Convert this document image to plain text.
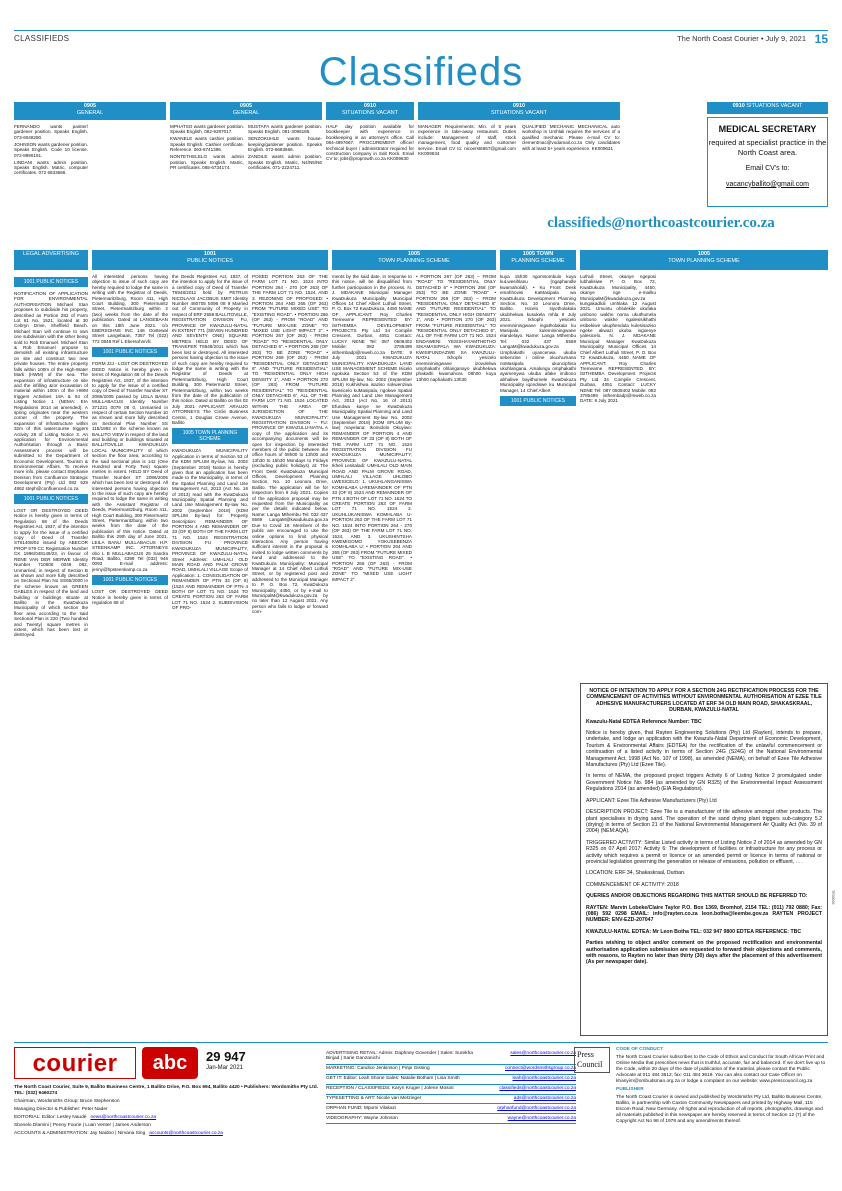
CLASSIFIEDS	The North Coast Courier • July 9, 2021 15
Classifieds
0905
GENERAL
0905
GENERAL
0910
SITUATIONS VACANT
0910
SITUATIONS VACANT
0910 SITUATIONS VACANT

FERNANDO wants painter/ gardener position. Speaks English. 073-6048290.

JOHNSON wants gardener position. Speaks English. Code 10 license. 072-8996161.

LINDANI wants admin position. Speaks English. Matric, computer certificates. 072 6633666.

MPHATSO wants gardener position. Speaks English. 082-9287017.

KWANELE wants cashier position. Speaks English. Cashier certificate. Reference. 063-6741396.

NONTETHELELO wants admin position. Speaks English. Matric, PR certificates. 065-6734174.

MUSTAFA wants gardener position. Speaks English. 081-3096185.

SENZOKUHLE wants house-keeping/gardener position. Speaks English. 072-6683666.

ZANDILE wants admin position. Speaks English. Matric, N4/N5/N6 certificates. 071-2224711.

HALF day position available for bookkeeper with experience in bookkeeping in an attorney's office. Call 084-4997667. PROCUREMENT officer/ technical buyer / administrator required for construction company in Salt Rock. Email CV to: jobs@proprowth.co.za KK009630

MANAGER Requirements: Min. of 5 years experience in take-away restaurant. Duties include: Management of staff, stock management, food quality and customer service. Email CV to: nicoerst6657@gmail.com KK009634

QUALIFIED MECHANIC MECHANICAL auto workshop in Umhlali requires the services of a qualified mechanic. Please e-mail CV to: clementmac@vodamail.co.za Only candidates with at least 5+ years experience. KK009631

MEDICAL SECRETARY
required at specialist practice in the North Coast area.
Email CV's to:
vacancyballito@gmail.com
classifieds@northcoastcourier.co.za
LEGAL ADVERTISING	1001
PUBLIC NOTICES
1005
TOWN PLANNING SCHEME
1005 TOWN
PLANNING SCHEME
1005
TOWN PLANNING SCHEME
1001 PUBLIC NOTICES

NOTIFICATION OF APPLICATION FOR ENVIRONMENTAL AUTHORISATION Michael Stan proposes to subdivide his property, described as Portion 282 of Farm Lot 61 No. 1521, located at 30 Cebryn Drive, Sheffield Beach. Michael Stan will continue to own one subdivision with the other being sold to Rob Emanuel. Michael Stan & Rob Emanuel propose to demolish all existing infrastructure on site and construct two new private houses. The entire property falls within 100m of the High-Water Mark (HWM) of the sea. The expansion of infrastructure on site and the infilling &/or excavation of material within 100m of the HWM triggers Activities 19A & 54 of Listing Notice 1 (NEMA: EIA Regulations 2014 as amended). A spring originates near the western corner of the property. The expansion of infrastructure within 32m of this watercourse triggers Activity 28 of Listing Notice 3. An application for Environmental Authorisation through a Basic Assessment process will be submitted to the Department of Economic Development, Tourism & Environmental Affairs. To receive more info, please contact Stephanie Denison from Confluence Strategic Development (Pty) Ltd 082 529 4862 steph@confluenced.co.za

1001 PUBLIC NOTICES

LOST OR DESTROYED DEED Notice is hereby given in terms of Regulation 68 of the Deeds Registries Act, 1937, of the intention to apply for the issue of a certified copy of Deed of Transfer ST61408/02 issued by ABECOR PROP 579 CC Registration Number CK 1996/048149/23, in favour of RENE VAN DER MERWE Identity Number 710606 0049 082, Unmarried, in respect of Section B as shown and more fully described on Sectional Plan No SS65/2000 in the scheme known as GREEN GABLES in respect of the land and building or buildings situate at Ballito in the KwaDukuza Municipality of which section the floor area according to the said Sectional Plan is 220 (Two hundred and Twenty) square metres in extent, which has been lost or destroyed.

All interested persons having objection to issue of such copy are hereby required to lodge the same in writing with the Registrar of Deeds, Pietermaritzburg, Room 411, High Court Building, 300 Pietermaritz Street, Pietermaritzburg within 2 (two) weeks from the date of the publication. Dated at LANGEBAAN on this 18th June 2021. c/o EBERSOHNS INC 146 Oostewal Street Langebaan, 7357 Tel (022) 772 0848 Ref L Ebersohn/vfc

1001 PUBLIC NOTICES

FORM J2J - LOST OR DESTROYED DEED Notice is hereby given in terms of Regulation 68 of the Deeds Registries Act, 1937, of the intention to apply for the issue of a certified copy of Deed of Transfer Number ST 2086/2005 passed by LEILA BANU MULLABACUS Identity Number 371221 0079 08 0, Unmarried in respect of certain Section Number 10 as shown and more fully described on Sectional Plan Number SS 115/1992 in the scheme known as BALLITO VIEW in respect of the land and building or buildings situated at BALLITOVILLE KWADUKUZA LOCAL MUNICIPALITY of which section the floor area, according to the said sectional plan is 142 (One Hundred and Forty Two) square metres in extent. HELD BY Deed of Transfer Number ST 2086/2005 which has been lost or destroyed. All interested persons having objection to the issue of such copy are hereby required to lodge the same in writing with the Assistant Registrar of Deeds, Pietermaritzburg, Room 411, High Court Building, 300 Pietermaritz Street, Pietermaritzburg within two weeks from the date of the publication of this notice. Dated at Ballito this 29th day of June 2021. LEILA BANU MULLABACUS H.P. STEENKAMP INC. ATTORNEYS obo L B MULLABACUS 25 Sandra Road, Ballito, 4399 Tel (032) 946 0093 E-mail address: jenny@hpsteenkamp.co.za

1001 PUBLIC NOTICES

LOST OR DESTROYED DEED Notice is hereby given in terms of regulation 68 of

the Deeds Registries Act, 1937, of the intention to apply for the issue of a certified copy of Deed of Transfer T6948/2011 held by PETRUS NICOLAAS JACOBUS SMIT Identity Number 460705 5096 08 9 Married out of Community of Property in respect of ERF 2558 BALLITOVILLE, REGISTRATION DIVISION FU, PROVINCE OF KWAZULU-NATAL IN EXTENT 771 (SEVEN HUNDRED AND SEVENTY ONE) SQUARE METRES HELD BY DEED OF TRANSFER T6948/2011 which has been lost or destroyed. All interested persons having objection to the issue of such copy are hereby required to lodge the same in writing with the Registrar of Deeds at Pietermaritzburg, High Court Building, 300 Pietermaritz Street, Pietermaritzburg, within two weeks from the date of the publication of this notice. Dated at Ballito on this 02 July 2021 APPLICANT: ARAUJO ATTORNEYS The Circle Business Centre, 1 Douglas Crowe Avenue, Ballito

1005 TOWN PLANNING SCHEME

KWADUKUZA MUNICIPALITY Application in terms of Section 53 of the KDM SPLUM By-law, No. 2002 (September 2018) Notice is hereby given that an application has been made to the Municipality, in terms of the Spatial Planning and Land Use Management Act, 2013 (Act No. 16 of 2013) read with the KwaDukuza Municipality Spatial Planning and Land Use Management By-law No. 2002 (September 2018) (KDM SPLUM By-law) for: Property Description: REMAINDER OF PORTION 4 AND REMAINDER OF 33 (OF 8) BOTH OF THE FARM LOT 71 NO. 1524 REGISTRATION DIVISION FU PROVINCE KWADUKUZA MUNICIPALITY, PROVINCE OF KWAZULU-NATAL Street Address: UMHLALI OLD MAIN ROAD AND PALM GROVE ROAD, UMHLALI VILLAGE Scope of Application: 1. CONSOLIDATION OF REMAINDER OF PTN 33 (OF 8) (1524 AND REMAINDER OF PTN 4 BOTH OF LOT 71 NO. 1524 TO CREATE PORTION 263 OF FARM LOT 71 NO. 1524 2. SUBDIVISION OF PRO-

POSED PORTION 263 OF THE FARM LOT 71 NO. 1524 INTO PORTION 264 - 270 (OF 263) OF THE FARM LOT 71 NO. 1524, AND 3. REZONING OF PROPOSED: • PORTION 264 AND 265 (OF 263) FROM "FUTURE MIXED USE" TO "EXISTING ROAD". • PORTION 266 (OF 263) - FROM "ROAD" AND "FUTURE MIX-USE ZONE" TO "MIXED USE LIGHT IMPACT 2". • PORTION 267 (OF 263) - FROM "ROAD" TO "RESIDENTIAL ONLY DETACHED 6". • PORTION 268 (OF 263) TO BE ZONE "ROAD" • PORTION 269 (OF 263) - FROM "RESIDENTIAL ONLY DETACHED 6" AND "FUTURE RESIDENTIAL" TO "RESIDENTIAL ONLY HIGH DENSITY 1", AND • PORTION 270 (OF 263) FROM "FUTURE RESIDENTIAL" TO "RESIDENTIAL ONLY DETACHED 6", ALL OF THE FARM LOT 71 NO. 1524 LOCATED WITHIN THE AREA OF JURISDICTION OF THE KWADUKUZA MUNICIPALITY: REGISTRATION DIVISION – FU: PROVINCE OF KWAZULU-NATAL A copy of the application and its accompanying documents will be open for inspection by interested members of the public between the office hours of 08h00 to 13h00 and 13h30 to 15h30 Mondays to Fridays (excluding public holidays) at: The Front Desk KwaDukuza Municipal Offices, Development Planning Section, No. 10 Leonora Drive, Ballito. The application will be for inspection from 9 July 2021. Copies of the application proposal may be requested from the Municipality as per the details indicated below. Name: Langa Mthembu Tel: 032 437 5569 LangaM@kwadukuza.gov.za Due to Covid 19: Members of the public are encouraged to use the online options to limit physical interaction. Any person having sufficient interest in the proposal is invited to lodge written comments by hand and addressed to the KwaDukuza Municipality: Municipal Manager at 14 Chief Albert Luthuli Street, or by registered post and addressed to the Municipal Manager to P. O. Box 72, KwaDukuza Municipality, 4450, or by e-mail to MunicipalM@kwadukuza.gov.za by no later than 12 August 2021. Any person who fails to lodge or forward com-

ments by the said date, in response to this notice, will be disqualified from further participation in the process. N. J. MDAKANE Municipal Manager KwaDukuza Municipality Municipal Offices 14 Chief Albert Luthuli Street, P. O. Box 72 KwaDukuza, 4450 NAME OF APPLICANT: Roy Charles Tremearne REPRESENTED BY: iSITHEMBA DEVELOPMENT PROJECTS Pty Ltd 34 Compile Crescent, Durban, 4051 Contact: LUCKY NENE Tel: 087 0508402 Mobile: 082 3785499 isthembadp@mweb.co.za DATE: 9 July 2021 KWADUKUZA MUNICIPALITY KWADUKUZA LAND USE MANAGEMENT SCHEME Isicelo ngokuka Section 53 of the KDM SPLUM By-law, No. 2002 (September 2018) Kukhishwa isaziso sokwenziwa kwesicelo kuMasipala, ngokwe Spatial Planning and Land Use Management Act, 2013 (Act No. 16 of 2013) Efundwa kanye ne KwaDukuza Municipality Spatial Planning and Land Use Management By-law No. 2002 (September 2018) (KDM SPLUM By-law) mayelana: Ikomidolo Okuyiwo: REMAINDER OF PORTION 4 AND REMAINDER OF 33 (OF 8) BOTH OF THE FARM LOT 71 NO. 1524 REGISTRATION DIVISION FU KWADUKUZA MUNICIPALITY, PROVINCE OF KWAZULU-NATAL Ikheli Lesitaladi: UMHLALI OLD MAIN ROAD AND PALM GROVE ROAD, UMHLALI VILLAGE UHLOBO LWESICELO: 1. UKUHLANGANISWA KOMHLABA U-REMAINDER OF PTN 33 (OF 8) 1524 AND REMAINDER OF PTN 4 BOTH OF LOT 71 NO. 1524 TO CREATE PORTION 263 OF FARM LOT 71 NO. 1524 2. UKUHLUKANISWA KOMHLABA U-PORTION 263 OF THE FARM LOT 71 NO. 1524 INTO PORTION 264 - 270 (OF 263) OF THE FARM LOT 71 NO. 1524, AND 3. UKUSHINTSHA KWEMIGOMO YOKUSEBENZA KOMHLABA U: • PORTION 264 AND 265 (OF 263) FROM "FUTURE MIXED USE" TO "EXISTING ROAD". • PORTION 266 (OF 263) - FROM "ROAD" AND "FUTURE MIX-USE ZONE" TO "MIXED USE LIGHT IMPACT 2".

• PORTION 267 (OF 263) – FROM "ROAD" TO "RESIDENTIAL ONLY DETACHED 6" • PORTION 268 (OF 263) TO BE ZONE "ROAD" • PORTION 269 (OF 263) – FROM "RESIDENTIAL ONLY DETACHED 6" AND "FUTURE RESIDENTIAL" TO "RESIDENTIAL ONLY HIGH DENSITY 1", AND • PORTION 270 (OF 263) FROM "FUTURE RESIDENTIAL" TO "RESIDENTIAL ONLY DETACHED 6", ALL OF THE FARM LOT 71 NO. 1524 ENDAWENI YESISHAYAMTHETHO SIKAMASIPALA WA KWADUKUZA: KWISIFUNDAZWE SA KWAZULU-NATAL Ikhophi yesicelo enemininingwane izovulelwa umphakathi ohlanganayo ukubhekwa phakathi kwamahora 08h00 kuya 13h00 naphakathi 13h30

kuya 15h30 ngomsombulo kuya kuLwesihlanu (ngaphandle kwamaholidi). • Ku Front Desk emahhovisi KaMasipala wa KwaDukuza Development Planning Section, No. 10 Leonora Drive, Ballito. Isicelo siyotholakala ukubhekwa kusukela mhla 9 July 2021. Ikhophi yesicelo enemininingwane ingatholakala ku Masipala kulemininingwane elandelayo. Name: Langa Mthembu Tel: 032 437 5569 LangaM@kwadukuza.gov.za Umphakathi uyancenwa ukuba sebenzise i online okuxhumana noMasipala ukunciphisa ukuhlangana. Amalungu omphakathi ayamenywa ukuba afake imibono abhaliwe bayithumele KwaDukuza Municipality iqondiswe ku Municipal Manager, 14 Chief Albert

1001 PUBLIC NOTICES

Luthuli Street, okanye ngeposi lubhalisiwe P. O. Box 72, KwaDukuza Municipality, 4450, okanye nge e-mailku MunicipalM@kwadukuza.gov.za kungakadluli umhlaka 12 August 2021. Umuntu ohlulekile ukufaka umbono wakhe noma ukuthumela umbono wakhe ngalesisikhathi esibekiwe ukuphendula kulesisaziso ngeke akwazi ukuba ingxenye yalesicelo. N. J. MDAKANE Municipal Manager KwaDukuza Municipality Municipal Offices 14 Chief Albert Luthuli Street, P. O. Box 72 KwaDukuza, 4450 NAME OF APPLICANT: Roy Charles Tremearne REPRESENTED BY: iSITHEMBA Development Projects Pty Ltd 34 Compile Crescent, Durban, 4051 Contact: LUCKY NENE Tel: 087 0508402 Mobile: 082 3785499 isthembadp@mweb.co.za DATE: 9 July 2021

NOTICE OF INTENTION TO APPLY FOR A SECTION 24G RECTIFICATION PROCESS FOR THE COMMENCEMENT OF ACTIVITIES WITHOUT ENVIRONMENTAL AUTHORISATION AT EZEE TILE ADHESIVE MANUFACTURERS LOCATED AT ERF 34 OLD MAIN ROAD, SHAKASKRAAL, DURBAN, KWAZULU-NATAL

Kwazulu-Natal EDTEA Reference Number: TBC

Notice is hereby given, that Rayten Engineering Solutions (Pty) Ltd (Rayten), intends to prepare, undertake, and lodge an application with the Kwazulu-Natal Department of Economic Development, Tourism & Environmental Affairs (EDTEA) for the rectification of the unlawful commencement or continuation of a listed activity in terms of Section 24G (S24G) of the National Environmental Management Act, 1998 (Act No. 107 of 1998), as amended (NEMA), on behalf of Ezee Tile Adhesive Manufactures (Pty) Ltd (Ezee Tile).

In terms of NEMA, the proposed project triggers Activity 6 of Listing Notice 2 promulgated under Government Notice No. 984 (as amended by GN R325) of the Environmental Impact Assessment Regulations 2014 (as amended) (EIA Regulations).

APPLICANT: Ezee Tile Adhesive Manufacturers (Pty) Ltd

DESCRIPTION PROJECT: Ezee Tile is a manufacturer of tile adhesive amongst other products. The plant specialises in drying sand. The operation of the sand drying plant triggers sub-category 5.2 (drying) in terms of Section 21 of the National Environmental Management Air Quality Act (No. 39 of 2004) (NEM:AQA).

TRIGGERED ACTIVITY: Similar Listed activity in terms of Listing Notice 2 of 2014 as amended by GN R325 on 07 April 2017: Activity 6: The development of facilities or infrastructure for any process or activity which requires a permit or licence or an amended permit or licence in terms of national or provincial legislation governing the generation or release of emissions, pollution or effluent, . . .

LOCATION: ERF 34, Shakaskraal, Durban.

COMMENCEMENT OF ACTIVITY: 2018

QUERIES AND/OR OBJECTIONS REGARDING THIS MATTER SHOULD BE REFERRED TO:

RAYTEN: Marvin Lobeke/Claire Taylor P.O. Box 1369, Bromhof, 2154 TEL: (011) 792 0880; Fax: (086) 592 0298 EMAIL: info@rayten.co.za leon.botha@leembe.gov.za RAYTEN PROJECT NUMBER: ENV-EZD-207047

KWAZULU-NATAL EDTEA: Mr Leon Botha TEL: 032 947 9800 EDTEA REFERENCE: TBC

Parties wishing to object and/or comment on the proposed rectification and environmental authorisation application submission are requested to forward their objections and comments, with reasons, to Rayten no later than thirty (30) days after the placement of this advertisement (As per newspaper date).

TR00036
courier	abc	29 947
Jan-Mar 2021

The North Coast Courier, Suite 9, Ballito Business Centre, 1 Ballito Drive, P.O. Box 694, Ballito 4420 • Publishers: Wordsmiths Pty Ltd. TEL: (032) 9460274

Chairman, Wordsmiths Group: Bruce Stephenson

Managing Director & Publisher: Peter Nader

EDITORIAL: Editor: Lesley Naudé news@northcoastcourier.co.za

Sbonelo Dlamini | Penny Fourie | Luan Venter | James Anderson

ACCOUNTS & ADMINISTRATION: Jay Naidoo | Nirvana Sing accounts@northcoastcourier.co.za

ADVERTISING RETAIL: Admin: Daphney Govender | Sales: Surekha Binjad | Sarie Ganzanichi
sales@northcoastcourier.co.za
MARKETING: Candice Jenkinson | Pinpi Gissing	connect@wordsmithsgroup.co.za
GET IT: Editor: Leah Shone Sales: Natalie Botham | Lisa Smith	leah@northcoastcourier.co.za
RECEPTION / CLASSIFIEDS: Karyn Kruger | Jolene Mosoti	classifieds@northcoastcourier.co.za
TYPESETTING & ART: Nicole van Metzinger	ads@northcoastcourier.co.za
ORPHAN FUND: Mpumi Vilakazi	orphanfund@northcoastcourier.co.za
VIDEOGRAPHY: Wayne Johnson	wayne@northcoastcourier.co.za
Press Council
CODE OF CONDUCT

The North Coast Courier subscribes to the Code of Ethics and Conduct for South African Print and Online Media that prescribes news that is truthful, accurate, fair and balanced. If we don't live up to the Code, within 20 days of the date of publication of the material, please contact the Public Advocate at 011 484 3612, fax: 011 484 3619. You can also contact our Case Officer on khanyim@ombudsman.org.za or lodge a complaint on our website: www.presscouncil.org.za

PUBLISHER

The North Coast Courier is owned and published by Wordsmiths Pty Ltd, Ballito Business Centre, Ballito, in partnership with Caxton Community Newspapers and printed by Highway Mail, 115 Escom Road, New Germany. All rights and reproduction of all reports, photographs, drawings and all materials published in this newspaper are hereby reserved in terms of Section 12 (7) of the Copyright Act No 98 of 1978 and any amendments thereof.
